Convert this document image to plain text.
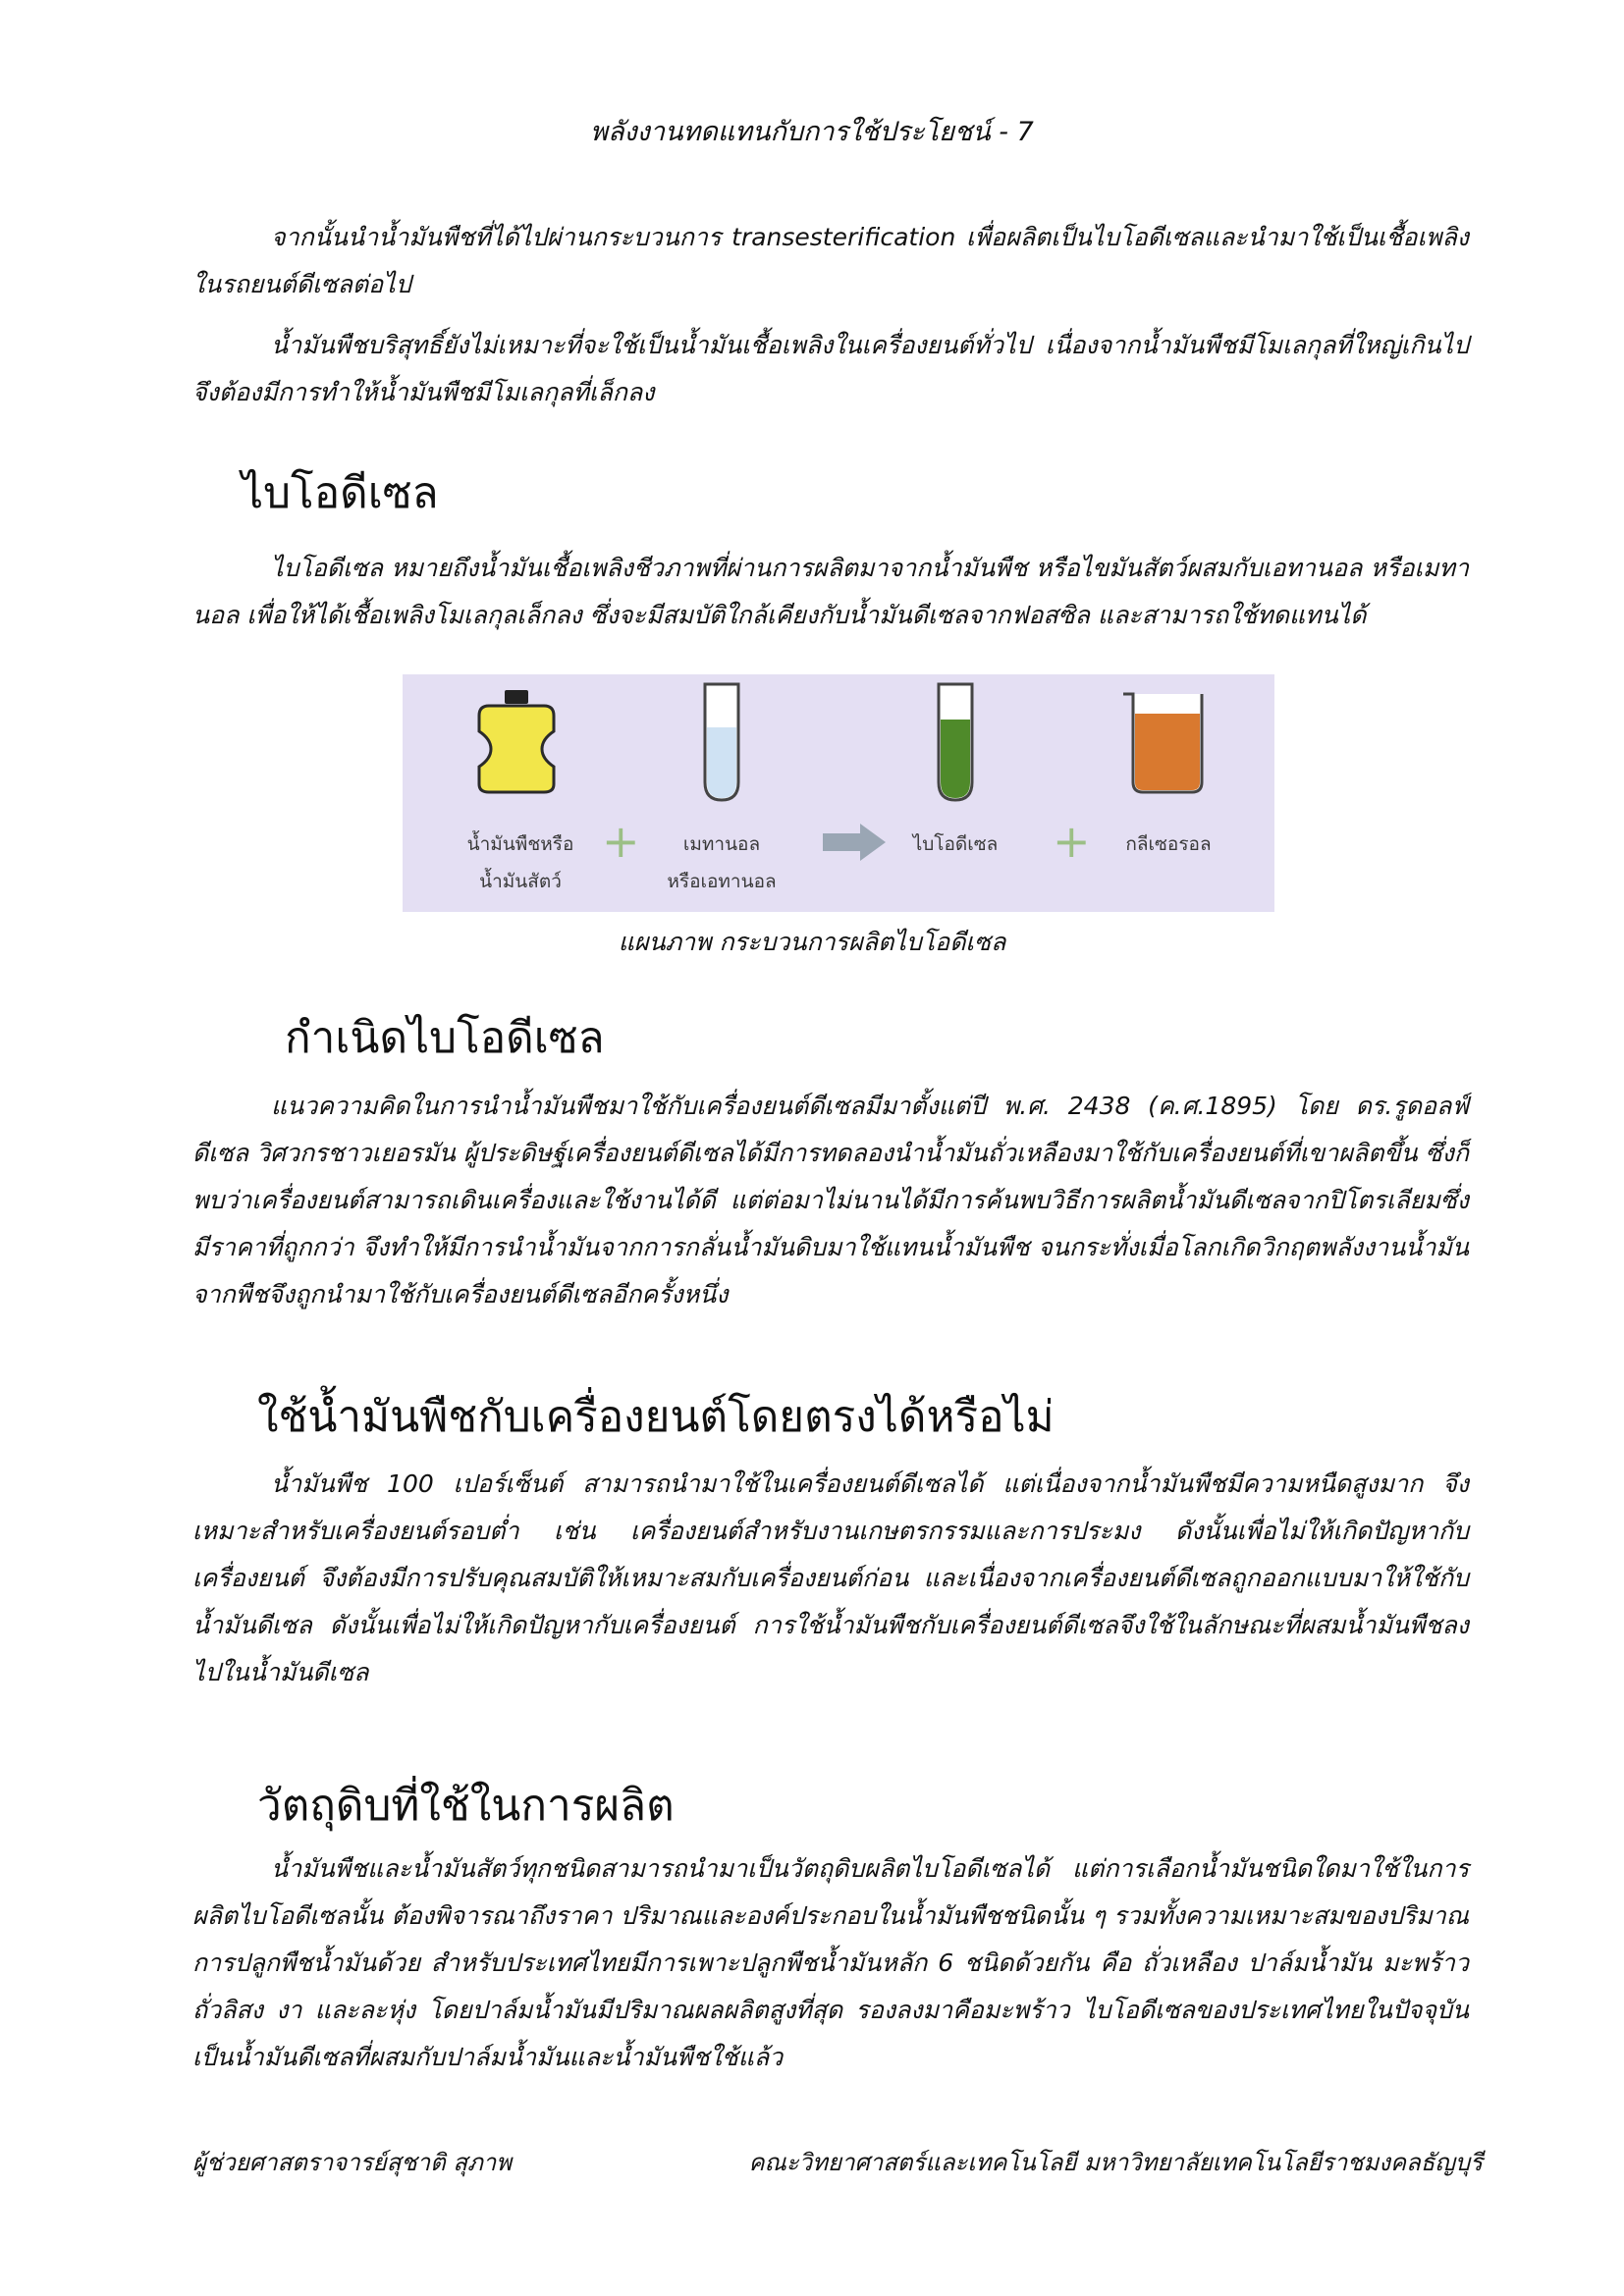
พลังงานทดแทนกับการใช้ประโยชน์ - 7

จากนั้นนำน้ำมันพืชที่ได้ไปผ่านกระบวนการ transesterification เพื่อผลิตเป็นไบโอดีเซลและนำมาใช้เป็นเชื้อเพลิงในรถยนต์ดีเซลต่อไป

น้ำมันพืชบริสุทธิ์ยังไม่เหมาะที่จะใช้เป็นน้ำมันเชื้อเพลิงในเครื่องยนต์ทั่วไป เนื่องจากน้ำมันพืชมีโมเลกุลที่ใหญ่เกินไป จึงต้องมีการทำให้น้ำมันพืชมีโมเลกุลที่เล็กลง

ไบโอดีเซล

ไบโอดีเซล หมายถึงน้ำมันเชื้อเพลิงชีวภาพที่ผ่านการผลิตมาจากน้ำมันพืช หรือไขมันสัตว์ผสมกับเอทานอล หรือเมทานอล เพื่อให้ได้เชื้อเพลิงโมเลกุลเล็กลง ซึ่งจะมีสมบัติใกล้เคียงกับน้ำมันดีเซลจากฟอสซิล และสามารถใช้ทดแทนได้

+	+
น้ำมันพืชหรือ
น้ำมันสัตว์
เมทานอล
หรือเอทานอล
ไบโอดีเซล	กลีเซอรอล
แผนภาพ กระบวนการผลิตไบโอดีเซล
กำเนิดไบโอดีเซล

แนวความคิดในการนำน้ำมันพืชมาใช้กับเครื่องยนต์ดีเซลมีมาตั้งแต่ปี พ.ศ. 2438 (ค.ศ.1895) โดย ดร.รูดอลฟ์ ดีเซล วิศวกรชาวเยอรมัน ผู้ประดิษฐ์เครื่องยนต์ดีเซลได้มีการทดลองนำน้ำมันถั่วเหลืองมาใช้กับเครื่องยนต์ที่เขาผลิตขึ้น ซึ่งก็พบว่าเครื่องยนต์สามารถเดินเครื่องและใช้งานได้ดี แต่ต่อมาไม่นานได้มีการค้นพบวิธีการผลิตน้ำมันดีเซลจากปิโตรเลียมซึ่งมีราคาที่ถูกกว่า จึงทำให้มีการนำน้ำมันจากการกลั่นน้ำมันดิบมาใช้แทนน้ำมันพืช จนกระทั่งเมื่อโลกเกิดวิกฤตพลังงานน้ำมันจากพืชจึงถูกนำมาใช้กับเครื่องยนต์ดีเซลอีกครั้งหนึ่ง

ใช้น้ำมันพืชกับเครื่องยนต์โดยตรงได้หรือไม่

น้ำมันพืช 100 เปอร์เซ็นต์ สามารถนำมาใช้ในเครื่องยนต์ดีเซลได้ แต่เนื่องจากน้ำมันพืชมีความหนืดสูงมาก จึงเหมาะสำหรับเครื่องยนต์รอบต่ำ เช่น เครื่องยนต์สำหรับงานเกษตรกรรมและการประมง ดังนั้นเพื่อไม่ให้เกิดปัญหากับเครื่องยนต์ จึงต้องมีการปรับคุณสมบัติให้เหมาะสมกับเครื่องยนต์ก่อน และเนื่องจากเครื่องยนต์ดีเซลถูกออกแบบมาให้ใช้กับน้ำมันดีเซล ดังนั้นเพื่อไม่ให้เกิดปัญหากับเครื่องยนต์ การใช้น้ำมันพืชกับเครื่องยนต์ดีเซลจึงใช้ในลักษณะที่ผสมน้ำมันพืชลงไปในน้ำมันดีเซล

วัตถุดิบที่ใช้ในการผลิต

น้ำมันพืชและน้ำมันสัตว์ทุกชนิดสามารถนำมาเป็นวัตถุดิบผลิตไบโอดีเซลได้ แต่การเลือกน้ำมันชนิดใดมาใช้ในการผลิตไบโอดีเซลนั้น ต้องพิจารณาถึงราคา ปริมาณและองค์ประกอบในน้ำมันพืชชนิดนั้น ๆ รวมทั้งความเหมาะสมของปริมาณการปลูกพืชน้ำมันด้วย สำหรับประเทศไทยมีการเพาะปลูกพืชน้ำมันหลัก 6 ชนิดด้วยกัน คือ ถั่วเหลือง ปาล์มน้ำมัน มะพร้าว ถั่วลิสง งา และละหุ่ง โดยปาล์มน้ำมันมีปริมาณผลผลิตสูงที่สุด รองลงมาคือมะพร้าว ไบโอดีเซลของประเทศไทยในปัจจุบัน เป็นน้ำมันดีเซลที่ผสมกับปาล์มน้ำมันและน้ำมันพืชใช้แล้ว

ผู้ช่วยศาสตราจารย์สุชาติ สุภาพ	คณะวิทยาศาสตร์และเทคโนโลยี มหาวิทยาลัยเทคโนโลยีราชมงคลธัญบุรี
